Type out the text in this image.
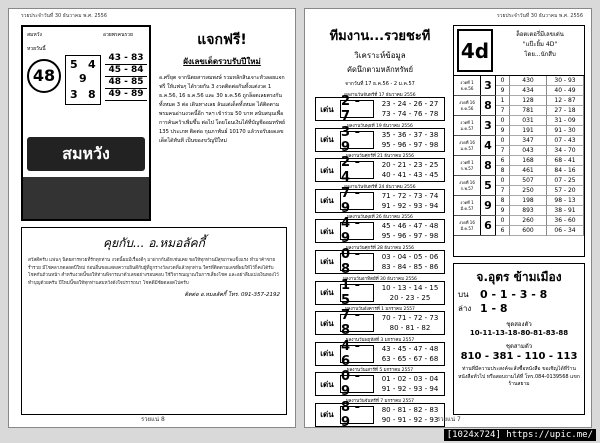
รวยประจำวันที่ 30 ธันวาคม พ.ศ. 2556
สมหวัง	อวยพรคนรวย
หวยวันนี้
48
5 4
9
3 8
43 - 83
45 - 84
48 - 85
49 - 89
สมหวัง
แจกฟรี!
ผังเลขเด็ดรวบรับปีใหม่
อ.ศรียุต จากนิตยสารสมพงษ์ รวมหลักสินเจาะหัวลอยแจกฟรี ให้แฟนๆ ได้รวยกัน 3 งวดติดต่อกันทั้งแต่งวด 1 ธ.ค.56, 16 ธ.ค.56 และ 30 ธ.ค.56 ถูกล็อตเลยตรงกันทั้งหมด 3 ต่อ เดินทางเลย ล้นแต่เด็ดทั้งหมด ได้ติดตามพรมคนอ่านงวดนี้อีก ฯลฯ เข้าร่วม 50 บาท สนับสนุนเพื่อการค้นคว้าเพิ่มขึ้น ต่อไป โดยโอนเงินได้ที่บัญชีออมทรัพย์ 135 ประเภท ติดต่อ กุมภาพันธ์ 10170 แล้วรอรับผลเลขเด็ดได้ทันที เป็นของขวัญปีใหม่
คุยกับ... อ.หมอลัคกี้
สวัสดีครับ แฟนๆ นิตยสารหวยที่รักทุกท่าน งวดนี้ผมมีเรื่องดีๆ มาฝากกันอีกเช่นเคย ขอให้ทุกท่านมีสุขภาพแข็งแรง ทำมาค้าขายร่ำรวย มีโชคลาภตลอดปีใหม่ ก่อนอื่นขอแสดงความยินดีกับผู้ที่ถูกรางวัลงวดที่แล้วทุกท่าน ใครที่ติดตามเลขที่ผมให้ไว้ก็คงได้รับโชคกันถ้วนหน้า สำหรับงวดนี้ขอให้ท่านพิจารณาตัวเลขอย่างรอบคอบ ใช้วิจารณญาณในการเสี่ยงโชค และอย่าลืมแบ่งเงินทองไว้ทำบุญด้วยครับ ปีใหม่นี้ขอให้ทุกท่านสมหวังดังใจปรารถนา โชคดีมีชัยตลอดไปครับ
ติดต่อ อ.หมอลัคกี้ โทร. 091-357-2192
รวยแน่ 8
รวยประจำวันที่ 30 ธันวาคม พ.ศ. 2556
ทีมงาน...รวยชะที
วิเคราะห์ข้อมูล
คัดนึกตามหลักทรัพย์
จากวันที่ 17 ธ.ค.56 - 2 ม.ค.57
ผลงานวันจันทร์ที่ 17 ธันวาคม 2556
เด่น 2 - 7
23 - 24 - 26 - 27
73 - 74 - 76 - 78
ผลงานวันพุธที่ 19 ธันวาคม 2556
เด่น 3 - 9
35 - 36 - 37 - 38
95 - 96 - 97 - 98
ผลงานวันศุกร์ที่ 21 ธันวาคม 2556
เด่น 2 - 4
20 - 21 - 23 - 25
40 - 41 - 43 - 45
ผลงานวันจันทร์ที่ 24 ธันวาคม 2556
เด่น 7 - 9
71 - 72 - 73 - 74
91 - 92 - 93 - 94
ผลงานวันพุธที่ 26 ธันวาคม 2556
เด่น 4 - 9
45 - 46 - 47 - 48
95 - 96 - 97 - 98
ผลงานวันศุกร์ที่ 28 ธันวาคม 2556
เด่น 0 - 8
03 - 04 - 05 - 06
83 - 84 - 85 - 86
ผลงานวันอาทิตย์ที่ 30 ธันวาคม 2556
เด่น 1 - 5
10 - 13 - 14 - 15
20 - 23 - 25
ผลงานวันอังคารที่ 1 มกราคม 2557
เด่น 7 - 8
70 - 71 - 72 - 73
80 - 81 - 82
ผลงานวันพฤหัสที่ 3 มกราคม 2557
เด่น 4 - 6
43 - 45 - 47 - 48
63 - 65 - 67 - 68
ผลงานวันเสาร์ที่ 5 มกราคม 2557
เด่น 0 - 9
01 - 02 - 03 - 04
91 - 92 - 93 - 94
ผลงานวันจันทร์ที่ 7 มกราคม 2557
เด่น 8 - 9
80 - 81 - 82 - 83
90 - 91 - 92 - 93
4d
ล็อตเตอรี่มีเลขเด่น
"แป๊ะยิ้ม 4D"
โดย...นักสืบ
งวดที่ 1 ธ.ค.56 3	0	430	30 - 93
9	434	40 - 49
งวดที่ 16 ธ.ค.56 8	1	128	12 - 87
7	781	27 - 18
งวดที่ 1 ม.ค.57 3	0	031	31 - 09
9	191	91 - 30
งวดที่ 16 ม.ค.57 4	0	347	07 - 43
7	043	34 - 70
งวดที่ 1 ก.พ.57 8	6	168	68 - 41
8	461	84 - 16
งวดที่ 16 ก.พ.57 5	0	507	07 - 25
7	250	57 - 20
งวดที่ 1 มี.ค.57 9	8	198	98 - 13
9	893	38 - 91
งวดที่ 16 มี.ค.57 6	0	260	36 - 60
6	600	06 - 34
จ.อุตร ข้ามเมือง
บน	0 - 1 - 3 - 8
ล่าง 1 - 8
ชุดสองตัว
10-11-13-18-80-81-83-88
ชุดสามตัว
810 - 381 - 110 - 113
ท่านที่มีความประสงค์จะสั่งซื้อหนังสือ ขอเชิญได้ที่ร้านหนังสือทั่วไป หรือสอบถามได้ที่ โทร.084-0139568 แขกร้านสยาม
รวยแน่ 7
[1024x724] https://upic.me/
